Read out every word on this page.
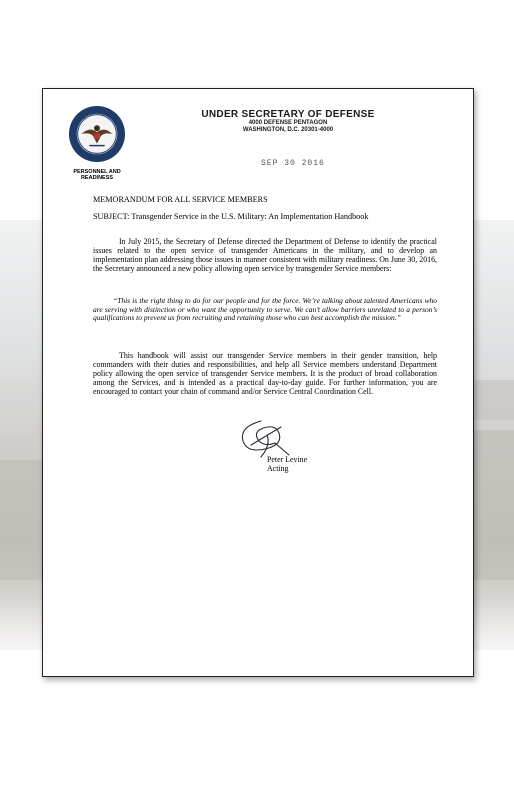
PERSONNEL AND
READINESS
UNDER SECRETARY OF DEFENSE
4000 DEFENSE PENTAGON
WASHINGTON, D.C. 20301-4000
SEP 30 2016
MEMORANDUM FOR ALL SERVICE MEMBERS
SUBJECT: Transgender Service in the U.S. Military: An Implementation Handbook
In July 2015, the Secretary of Defense directed the Department of Defense to identify the practical issues related to the open service of transgender Americans in the military, and to develop an implementation plan addressing those issues in manner consistent with military readiness. On June 30, 2016, the Secretary announced a new policy allowing open service by transgender Service members:
“This is the right thing to do for our people and for the force. We’re talking about talented Americans who are serving with distinction or who want the opportunity to serve. We can’t allow barriers unrelated to a person’s qualifications to prevent us from recruiting and retaining those who can best accomplish the mission.”
This handbook will assist our transgender Service members in their gender transition, help commanders with their duties and responsibilities, and help all Service members understand Department policy allowing the open service of transgender Service members. It is the product of broad collaboration among the Services, and is intended as a practical day-to-day guide. For further information, you are encouraged to contact your chain of command and/or Service Central Coordination Cell.
Peter Levine
Acting
